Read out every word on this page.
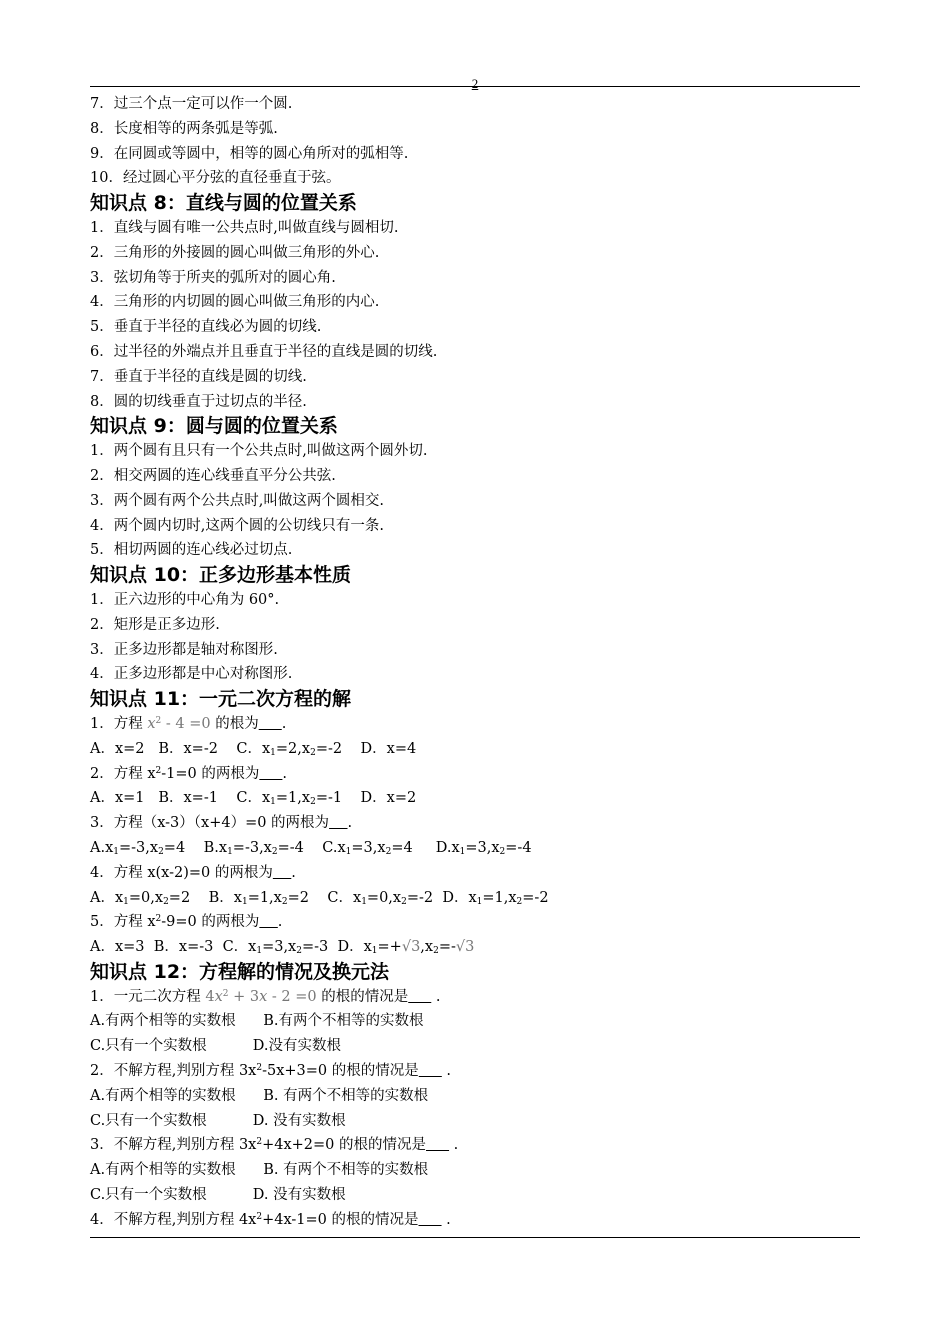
2
7．过三个点一定可以作一个圆.
8．长度相等的两条弧是等弧.
9．在同圆或等圆中，相等的圆心角所对的弧相等.
10．经过圆心平分弦的直径垂直于弦。
知识点 8：直线与圆的位置关系
1．直线与圆有唯一公共点时,叫做直线与圆相切.
2．三角形的外接圆的圆心叫做三角形的外心.
3．弦切角等于所夹的弧所对的圆心角.
4．三角形的内切圆的圆心叫做三角形的内心.
5．垂直于半径的直线必为圆的切线.
6．过半径的外端点并且垂直于半径的直线是圆的切线.
7．垂直于半径的直线是圆的切线.
8．圆的切线垂直于过切点的半径.
知识点 9：圆与圆的位置关系
1．两个圆有且只有一个公共点时,叫做这两个圆外切.
2．相交两圆的连心线垂直平分公共弦.
3．两个圆有两个公共点时,叫做这两个圆相交.
4．两个圆内切时,这两个圆的公切线只有一条.
5．相切两圆的连心线必过切点.
知识点 10：正多边形基本性质
1．正六边形的中心角为 60°.
2．矩形是正多边形.
3．正多边形都是轴对称图形.
4．正多边形都是中心对称图形.
知识点 11：一元二次方程的解
1．方程 $x^2 - 4 =0$ 的根为 .
A．x=2   B．x=-2    C．$x_1=2,x_2=-2$    D．x=4
2．方程 $x^2-1=0$ 的两根为 .
A．x=1   B．x=-1    C．$x_1=1,x_2=-1$    D．x=2
3．方程（x-3）（x+4）=0 的两根为 .
$A.x_1=-3,x_2=4$    $B.x_1=-3,x_2=-4$    $C.x_1=3,x_2=4$     $D.x_1=3,x_2=-4$
4．方程 x(x-2)=0 的两根为 .
A．$x_1=0,x_2=2$    B．$x_1=1,x_2=2$    C．$x_1=0,x_2=-2$  D．$x_1=1,x_2=-2$
5．方程 $x^2-9=0$ 的两根为 .
A．x=3  B．x=-3  C．$x_1=3,x_2=-3$  D．$x_1=+√3,x_2=-√3$
知识点 12：方程解的情况及换元法
1．一元二次方程 $4x^2 + 3x - 2 =0$ 的根的情况是      .
A.有两个相等的实数根      B.有两个不相等的实数根
C.只有一个实数根          D.没有实数根
2．不解方程,判别方程 $3x^2-5x+3=0$ 的根的情况是      .
A.有两个相等的实数根      B. 有两个不相等的实数根
C.只有一个实数根          D. 没有实数根
3．不解方程,判别方程 $3x^2+4x+2=0$ 的根的情况是      .
A.有两个相等的实数根      B. 有两个不相等的实数根
C.只有一个实数根          D. 没有实数根
4．不解方程,判别方程 $4x^2+4x-1=0$ 的根的情况是      .
